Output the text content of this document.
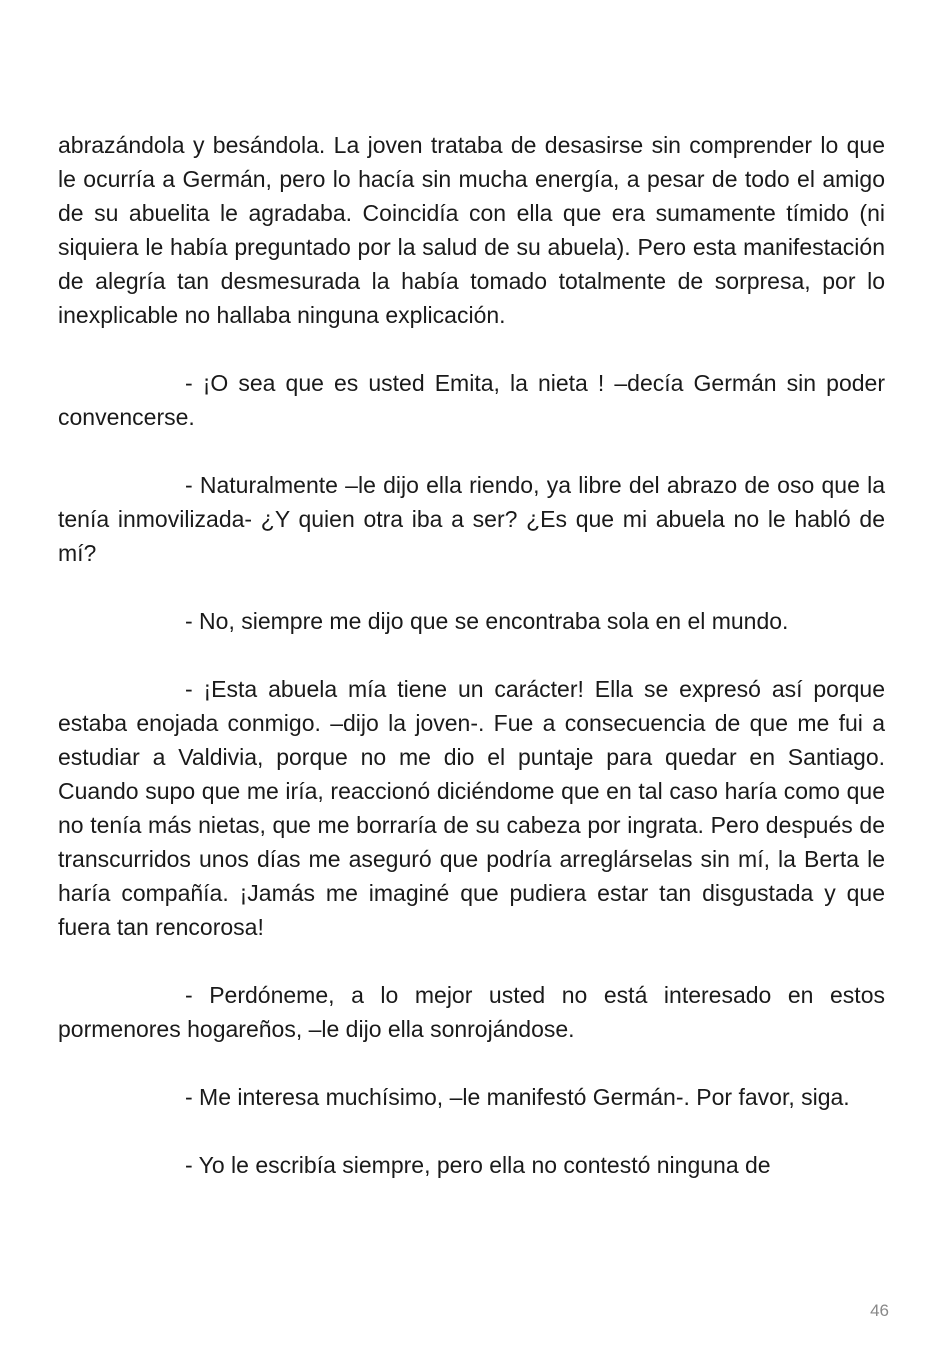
abrazándola y besándola. La joven trataba de desasirse sin comprender lo que le ocurría a Germán, pero lo hacía sin mucha energía, a pesar de todo el amigo de su abuelita le agradaba. Coincidía con ella que era sumamente tímido (ni siquiera le había preguntado por la salud de su abuela). Pero esta manifestación de alegría tan desmesurada la había tomado totalmente de sorpresa, por lo inexplicable no hallaba ninguna explicación.

- ¡O sea que es usted Emita, la nieta ! –decía Germán sin poder convencerse.

- Naturalmente –le dijo ella riendo, ya libre del abrazo de oso que la tenía inmovilizada- ¿Y quien otra iba a ser? ¿Es que mi abuela no le habló de mí?

- No, siempre me dijo que se encontraba sola en el mundo.

- ¡Esta abuela mía tiene un carácter! Ella se expresó así porque estaba enojada conmigo. –dijo la joven-. Fue a consecuencia de que me fui a estudiar a Valdivia, porque no me dio el puntaje para quedar en Santiago. Cuando supo que me iría, reaccionó diciéndome que en tal caso haría como que no tenía más nietas, que me borraría de su cabeza por ingrata. Pero después de transcurridos unos días me aseguró que podría arreglárselas sin mí, la Berta le haría compañía. ¡Jamás me imaginé que pudiera estar tan disgustada y que fuera tan rencorosa!

- Perdóneme, a lo mejor usted no está interesado en estos pormenores hogareños, –le dijo ella sonrojándose.

- Me interesa muchísimo, –le manifestó Germán-. Por favor, siga.

- Yo le escribía siempre, pero ella no contestó ninguna de

46
